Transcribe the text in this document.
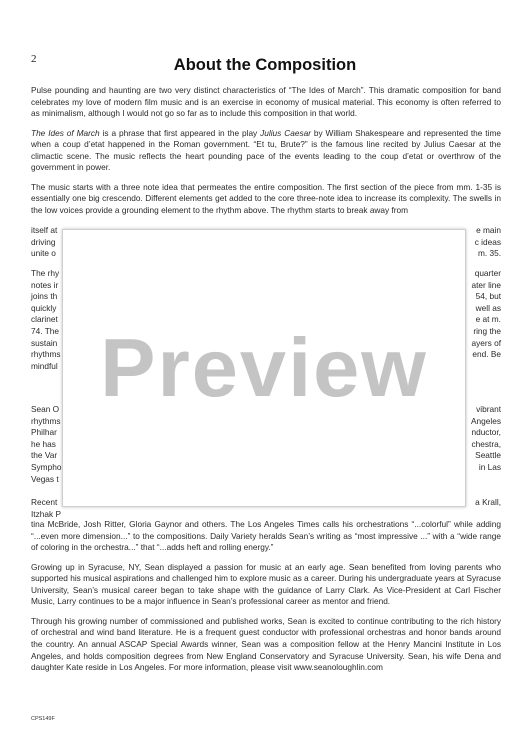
2	About the Composition

Pulse pounding and haunting are two very distinct characteristics of “The Ides of March”. This dramatic composition for band celebrates my love of modern film music and is an exercise in economy of musical material. This economy is often referred to as minimalism, although I would not go so far as to include this composition in that world.

The Ides of March is a phrase that first appeared in the play Julius Caesar by William Shakespeare and represented the time when a coup d’etat happened in the Roman government. “Et tu, Brute?” is the famous line recited by Julius Caesar at the climactic scene. The music reflects the heart pounding pace of the events leading to the coup d’etat or overthrow of the government in power.

The music starts with a three note idea that permeates the entire composition. The first section of the piece from mm. 1-35 is essentially one big crescendo. Different elements get added to the core three-note idea to increase its complexity. The swells in the low voices provide a grounding element to the rhythm above. The rhythm starts to break away from

itself at	e main
driving	c ideas
unite o	m. 35.
The rhy	quarter
notes ir	ater line
joins th	54, but
quickly	well as
clarinet	e at m.
74. The	ring the
sustain	ayers of
rhythms	end. Be
mindful
Sean O	vibrant
rhythms	Angeles
Philhar	nductor,
he has	chestra,
the Var	Seattle
Sympho	in Las
Vegas t
Recent	a Krall,
Itzhak P

tina McBride, Josh Ritter, Gloria Gaynor and others. The Los Angeles Times calls his orchestrations “...colorful” while adding “...even more dimension...” to the compositions. Daily Variety heralds Sean’s writing as “most impressive ...” with a “wide range of coloring in the orchestra...” that “...adds heft and rolling energy.”

Growing up in Syracuse, NY, Sean displayed a passion for music at an early age. Sean benefited from loving parents who supported his musical aspirations and challenged him to explore music as a career. During his undergraduate years at Syracuse University, Sean’s musical career began to take shape with the guidance of Larry Clark. As Vice-President at Carl Fischer Music, Larry continues to be a major influence in Sean’s professional career as mentor and friend.

Through his growing number of commissioned and published works, Sean is excited to continue contributing to the rich history of orchestral and wind band literature. He is a frequent guest conductor with professional orchestras and honor bands around the country. An annual ASCAP Special Awards winner, Sean was a composition fellow at the Henry Mancini Institute in Los Angeles, and holds composition degrees from New England Conservatory and Syracuse University. Sean, his wife Dena and daughter Kate reside in Los Angeles. For more information, please visit www.seanoloughlin.com

Preview
CPS149F
